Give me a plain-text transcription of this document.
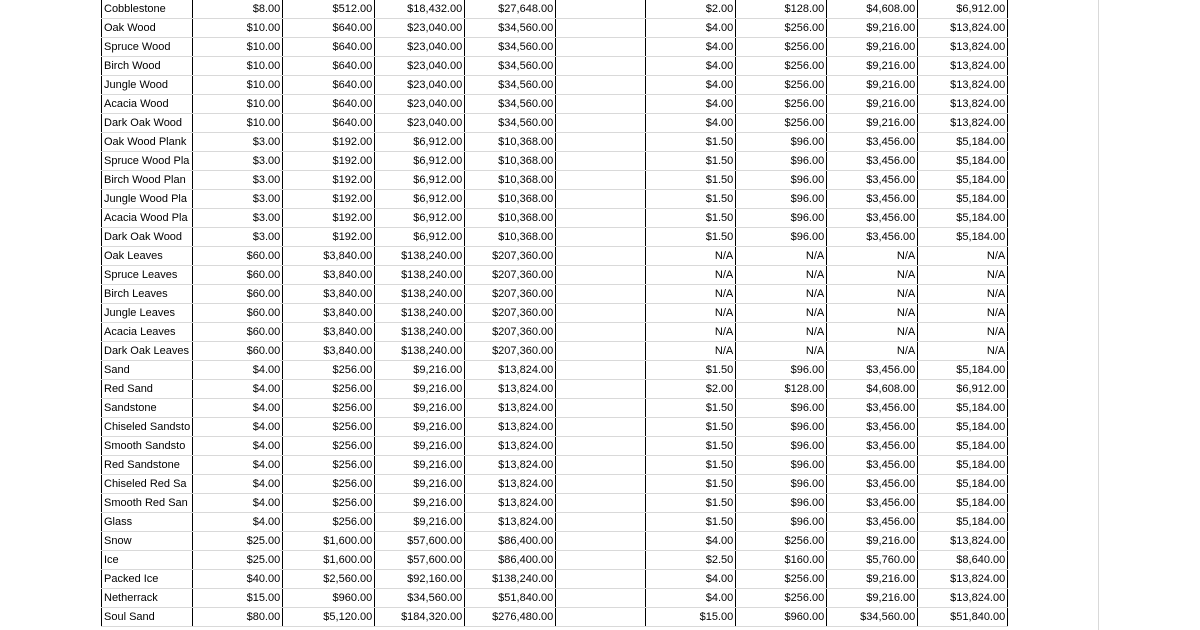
Cobblestone	$8.00	$512.00	$18,432.00	$27,648.00		$2.00	$128.00	$4,608.00	$6,912.00
Oak Wood	$10.00	$640.00	$23,040.00	$34,560.00		$4.00	$256.00	$9,216.00	$13,824.00
Spruce Wood	$10.00	$640.00	$23,040.00	$34,560.00		$4.00	$256.00	$9,216.00	$13,824.00
Birch Wood	$10.00	$640.00	$23,040.00	$34,560.00		$4.00	$256.00	$9,216.00	$13,824.00
Jungle Wood	$10.00	$640.00	$23,040.00	$34,560.00		$4.00	$256.00	$9,216.00	$13,824.00
Acacia Wood	$10.00	$640.00	$23,040.00	$34,560.00		$4.00	$256.00	$9,216.00	$13,824.00
Dark Oak Wood	$10.00	$640.00	$23,040.00	$34,560.00		$4.00	$256.00	$9,216.00	$13,824.00
Oak Wood Plank	$3.00	$192.00	$6,912.00	$10,368.00		$1.50	$96.00	$3,456.00	$5,184.00
Spruce Wood Pla	$3.00	$192.00	$6,912.00	$10,368.00		$1.50	$96.00	$3,456.00	$5,184.00
Birch Wood Plan	$3.00	$192.00	$6,912.00	$10,368.00		$1.50	$96.00	$3,456.00	$5,184.00
Jungle Wood Pla	$3.00	$192.00	$6,912.00	$10,368.00		$1.50	$96.00	$3,456.00	$5,184.00
Acacia Wood Pla	$3.00	$192.00	$6,912.00	$10,368.00		$1.50	$96.00	$3,456.00	$5,184.00
Dark Oak Wood	$3.00	$192.00	$6,912.00	$10,368.00		$1.50	$96.00	$3,456.00	$5,184.00
Oak Leaves	$60.00	$3,840.00	$138,240.00	$207,360.00		N/A	N/A	N/A	N/A
Spruce Leaves	$60.00	$3,840.00	$138,240.00	$207,360.00		N/A	N/A	N/A	N/A
Birch Leaves	$60.00	$3,840.00	$138,240.00	$207,360.00		N/A	N/A	N/A	N/A
Jungle Leaves	$60.00	$3,840.00	$138,240.00	$207,360.00		N/A	N/A	N/A	N/A
Acacia Leaves	$60.00	$3,840.00	$138,240.00	$207,360.00		N/A	N/A	N/A	N/A
Dark Oak Leaves	$60.00	$3,840.00	$138,240.00	$207,360.00		N/A	N/A	N/A	N/A
Sand	$4.00	$256.00	$9,216.00	$13,824.00		$1.50	$96.00	$3,456.00	$5,184.00
Red Sand	$4.00	$256.00	$9,216.00	$13,824.00		$2.00	$128.00	$4,608.00	$6,912.00
Sandstone	$4.00	$256.00	$9,216.00	$13,824.00		$1.50	$96.00	$3,456.00	$5,184.00
Chiseled Sandsto	$4.00	$256.00	$9,216.00	$13,824.00		$1.50	$96.00	$3,456.00	$5,184.00
Smooth Sandsto	$4.00	$256.00	$9,216.00	$13,824.00		$1.50	$96.00	$3,456.00	$5,184.00
Red Sandstone	$4.00	$256.00	$9,216.00	$13,824.00		$1.50	$96.00	$3,456.00	$5,184.00
Chiseled Red Sa	$4.00	$256.00	$9,216.00	$13,824.00		$1.50	$96.00	$3,456.00	$5,184.00
Smooth Red San	$4.00	$256.00	$9,216.00	$13,824.00		$1.50	$96.00	$3,456.00	$5,184.00
Glass	$4.00	$256.00	$9,216.00	$13,824.00		$1.50	$96.00	$3,456.00	$5,184.00
Snow	$25.00	$1,600.00	$57,600.00	$86,400.00		$4.00	$256.00	$9,216.00	$13,824.00
Ice	$25.00	$1,600.00	$57,600.00	$86,400.00		$2.50	$160.00	$5,760.00	$8,640.00
Packed Ice	$40.00	$2,560.00	$92,160.00	$138,240.00		$4.00	$256.00	$9,216.00	$13,824.00
Netherrack	$15.00	$960.00	$34,560.00	$51,840.00		$4.00	$256.00	$9,216.00	$13,824.00
Soul Sand	$80.00	$5,120.00	$184,320.00	$276,480.00		$15.00	$960.00	$34,560.00	$51,840.00
